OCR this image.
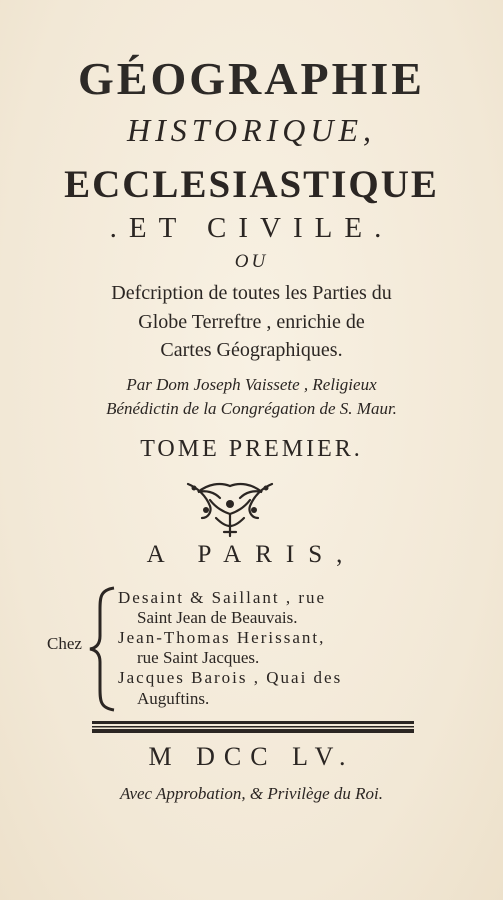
GÉOGRAPHIE
HISTORIQUE,
ECCLESIASTIQUE
.ET CIVILE.
OU
Defcription de toutes les Parties du
Globe Terreftre , enrichie de
Cartes Géographiques.
Par Dom Joseph Vaissete , Religieux
Bénédictin de la Congrégation de S. Maur.
TOME PREMIER.
A PARIS,
Chez
Desaint & Saillant , rue
Saint Jean de Beauvais.
Jean-Thomas Herissant,
rue Saint Jacques.
Jacques Barois , Quai des
Auguftins.
M DCC LV.
Avec Approbation, & Privilège du Roi.
